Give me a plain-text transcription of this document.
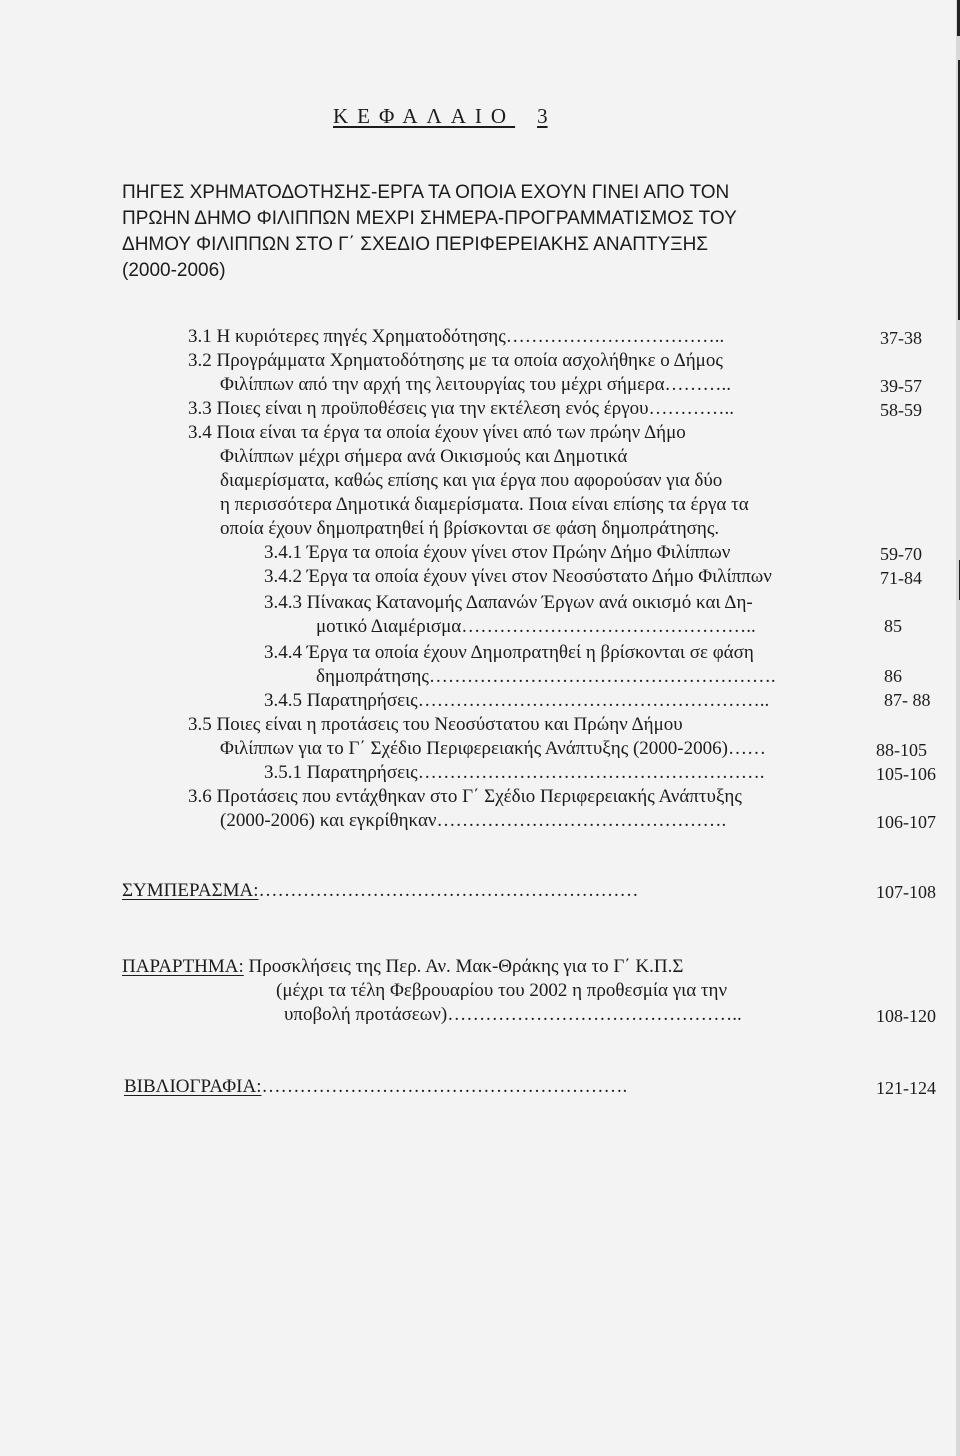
ΚΕΦΑΛΑΙΟ 3
ΠΗΓΕΣ ΧΡΗΜΑΤΟΔΟΤΗΣΗΣ-ΕΡΓΑ ΤΑ ΟΠΟΙΑ ΕΧΟΥΝ ΓΙΝΕΙ ΑΠΟ ΤΟΝ
ΠΡΩΗΝ ΔΗΜΟ ΦΙΛΙΠΠΩΝ ΜΕΧΡΙ ΣΗΜΕΡΑ-ΠΡΟΓΡΑΜΜΑΤΙΣΜΟΣ ΤΟΥ
ΔΗΜΟΥ ΦΙΛΙΠΠΩΝ ΣΤΟ Γ΄ ΣΧΕΔΙΟ ΠΕΡΙΦΕΡΕΙΑΚΗΣ ΑΝΑΠΤΥΞΗΣ
(2000-2006)
3.1 Η κυριότερες πηγές Χρηματοδότησης……………………………..	37-38
3.2 Προγράμματα Χρηματοδότησης με τα οποία ασχολήθηκε ο Δήμος
Φιλίππων από την αρχή της λειτουργίας του μέχρι σήμερα………..	39-57
3.3 Ποιες είναι η προϋποθέσεις για την εκτέλεση ενός έργου…………..	58-59
3.4 Ποια είναι τα έργα τα οποία έχουν γίνει από των πρώην Δήμο
Φιλίππων μέχρι σήμερα ανά Οικισμούς και Δημοτικά
διαμερίσματα, καθώς επίσης και για έργα που αφορούσαν για δύο
η περισσότερα Δημοτικά διαμερίσματα. Ποια είναι επίσης τα έργα τα
οποία έχουν δημοπρατηθεί ή βρίσκονται σε φάση δημοπράτησης.
3.4.1 Έργα τα οποία έχουν γίνει στον Πρώην Δήμο Φιλίππων	59-70
3.4.2 Έργα τα οποία έχουν γίνει στον Νεοσύστατο Δήμο Φιλίππων	71-84
3.4.3 Πίνακας Κατανομής Δαπανών Έργων ανά οικισμό και Δη-
μοτικό Διαμέρισμα………………………………………..	85
3.4.4 Έργα τα οποία έχουν Δημοπρατηθεί η βρίσκονται σε φάση
δημοπράτησης……………………………………………….	86
3.4.5 Παρατηρήσεις………………………………………………..	87- 88
3.5 Ποιες είναι η προτάσεις του Νεοσύστατου και Πρώην Δήμου
Φιλίππων για το Γ΄ Σχέδιο Περιφερειακής Ανάπτυξης (2000-2006)……	88-105
3.5.1 Παρατηρήσεις……………………………………………….	105-106
3.6 Προτάσεις που εντάχθηκαν στο Γ΄ Σχέδιο Περιφερειακής Ανάπτυξης
(2000-2006) και εγκρίθηκαν……………………………………….	106-107
ΣΥΜΠΕΡΑΣΜΑ:……………………………………………………	107-108
ΠΑΡΑΡΤΗΜΑ: Προσκλήσεις της Περ. Αν. Μακ-Θράκης για το Γ΄ Κ.Π.Σ
(μέχρι τα τέλη Φεβρουαρίου του 2002 η προθεσμία για την
υποβολή προτάσεων)………………………………………..	108-120
ΒΙΒΛΙΟΓΡΑΦΙΑ:………………………………………………….	121-124
